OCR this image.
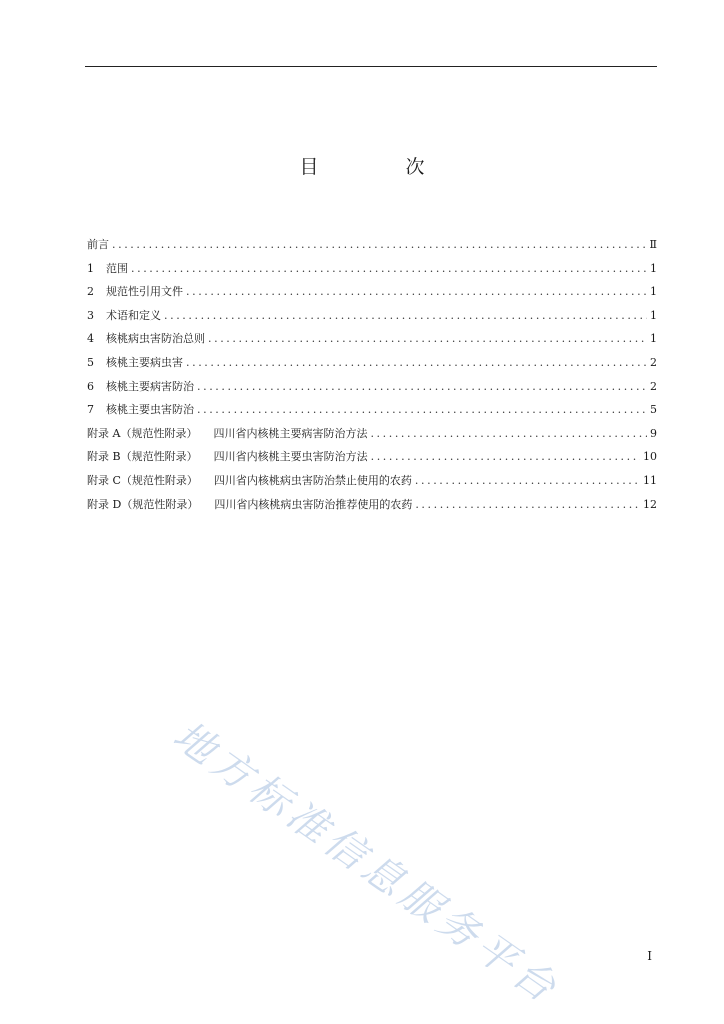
目　次
前言 .....	Ⅱ
1	范围 .....	1
2	规范性引用文件 .....	1
3	术语和定义 .....	1
4	核桃病虫害防治总则 .....	1
5	核桃主要病虫害 .....	2
6	核桃主要病害防治 .....	2
7	核桃主要虫害防治 .....	5
附录 A（规范性附录） 四川省内核桃主要病害防治方法 .....	9
附录 B（规范性附录） 四川省内核桃主要虫害防治方法 .....	10
附录 C（规范性附录） 四川省内核桃病虫害防治禁止使用的农药 .....	11
附录 D（规范性附录） 四川省内核桃病虫害防治推荐使用的农药 .....	12
地方标准信息服务平台	I
